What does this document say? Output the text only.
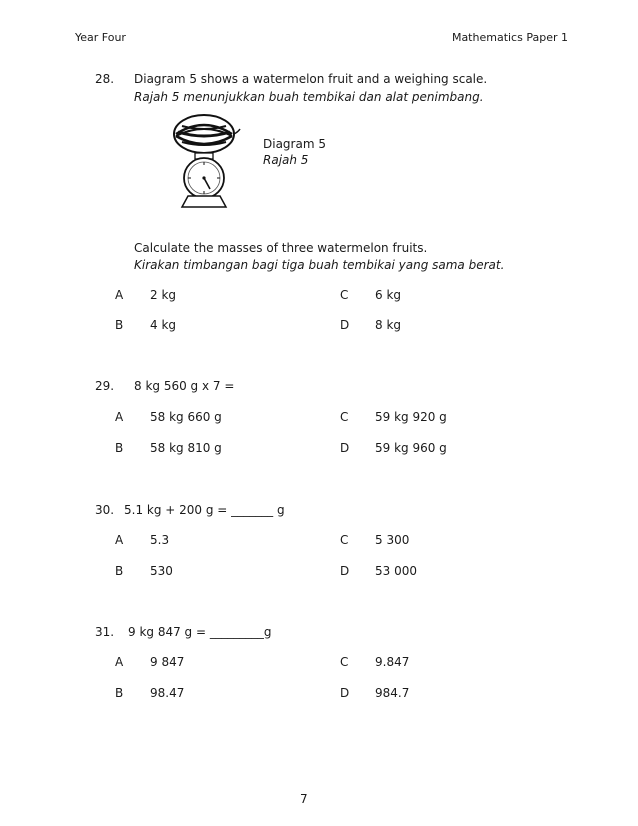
Year Four	Mathematics Paper 1
28. Diagram 5 shows a watermelon fruit and a weighing scale.
Rajah 5 menunjukkan buah tembikai dan alat penimbang.
Diagram 5
Rajah 5
Calculate the masses of three watermelon fruits.
Kirakan timbangan bagi tiga buah tembikai yang sama berat.
A 2 kg	C 6 kg
B 4 kg	D 8 kg
29. 8 kg 560 g x 7 =
A 58 kg 660 g	C 59 kg 920 g
B 58 kg 810 g	D 59 kg 960 g
30. 5.1 kg + 200 g = _______ g
A 5.3	C 5 300
B 530	D 53 000
31. 9 kg 847 g = _________g
A 9 847	C 9.847
B 98.47	D 984.7
7
